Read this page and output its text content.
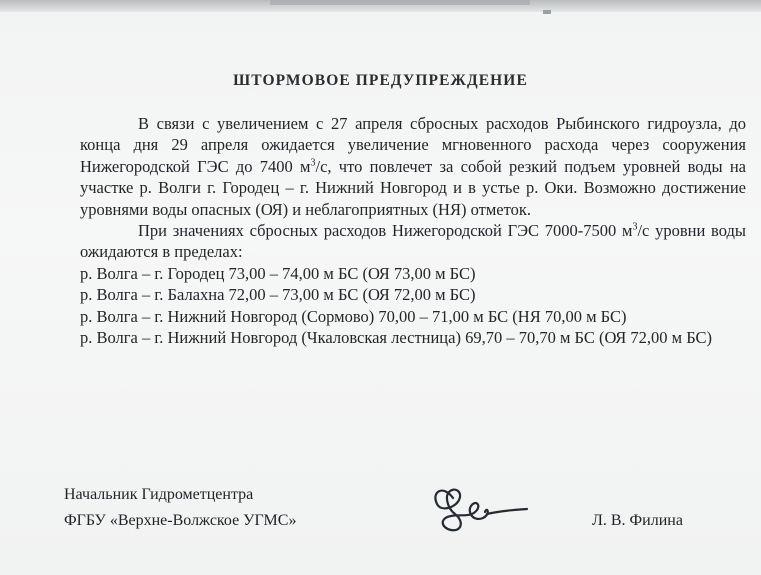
ШТОРМОВОЕ ПРЕДУПРЕЖДЕНИЕ

В связи с увеличением с 27 апреля сбросных расходов Рыбинского гидроузла, до конца дня 29 апреля ожидается увеличение мгновенного расхода через сооружения Нижегородской ГЭС до 7400 $м^3/с$, что повлечет за собой резкий подъем уровней воды на участке р. Волги г. Городец – г. Нижний Новгород и в устье р. Оки. Возможно достижение уровнями воды опасных (ОЯ) и неблагоприятных (НЯ) отметок.

При значениях сбросных расходов Нижегородской ГЭС 7000-7500 $м^3/с$ уровни воды ожидаются в пределах:

р. Волга – г. Городец 73,00 – 74,00 м БС (ОЯ 73,00 м БС)

р. Волга – г. Балахна 72,00 – 73,00 м БС (ОЯ 72,00 м БС)

р. Волга – г. Нижний Новгород (Сормово) 70,00 – 71,00 м БС (НЯ 70,00 м БС)

р. Волга – г. Нижний Новгород (Чкаловская лестница) 69,70 – 70,70 м БС (ОЯ 72,00 м БС)

Начальник Гидрометцентра
ФГБУ «Верхне-Волжское УГМС»	Л. В. Филина
